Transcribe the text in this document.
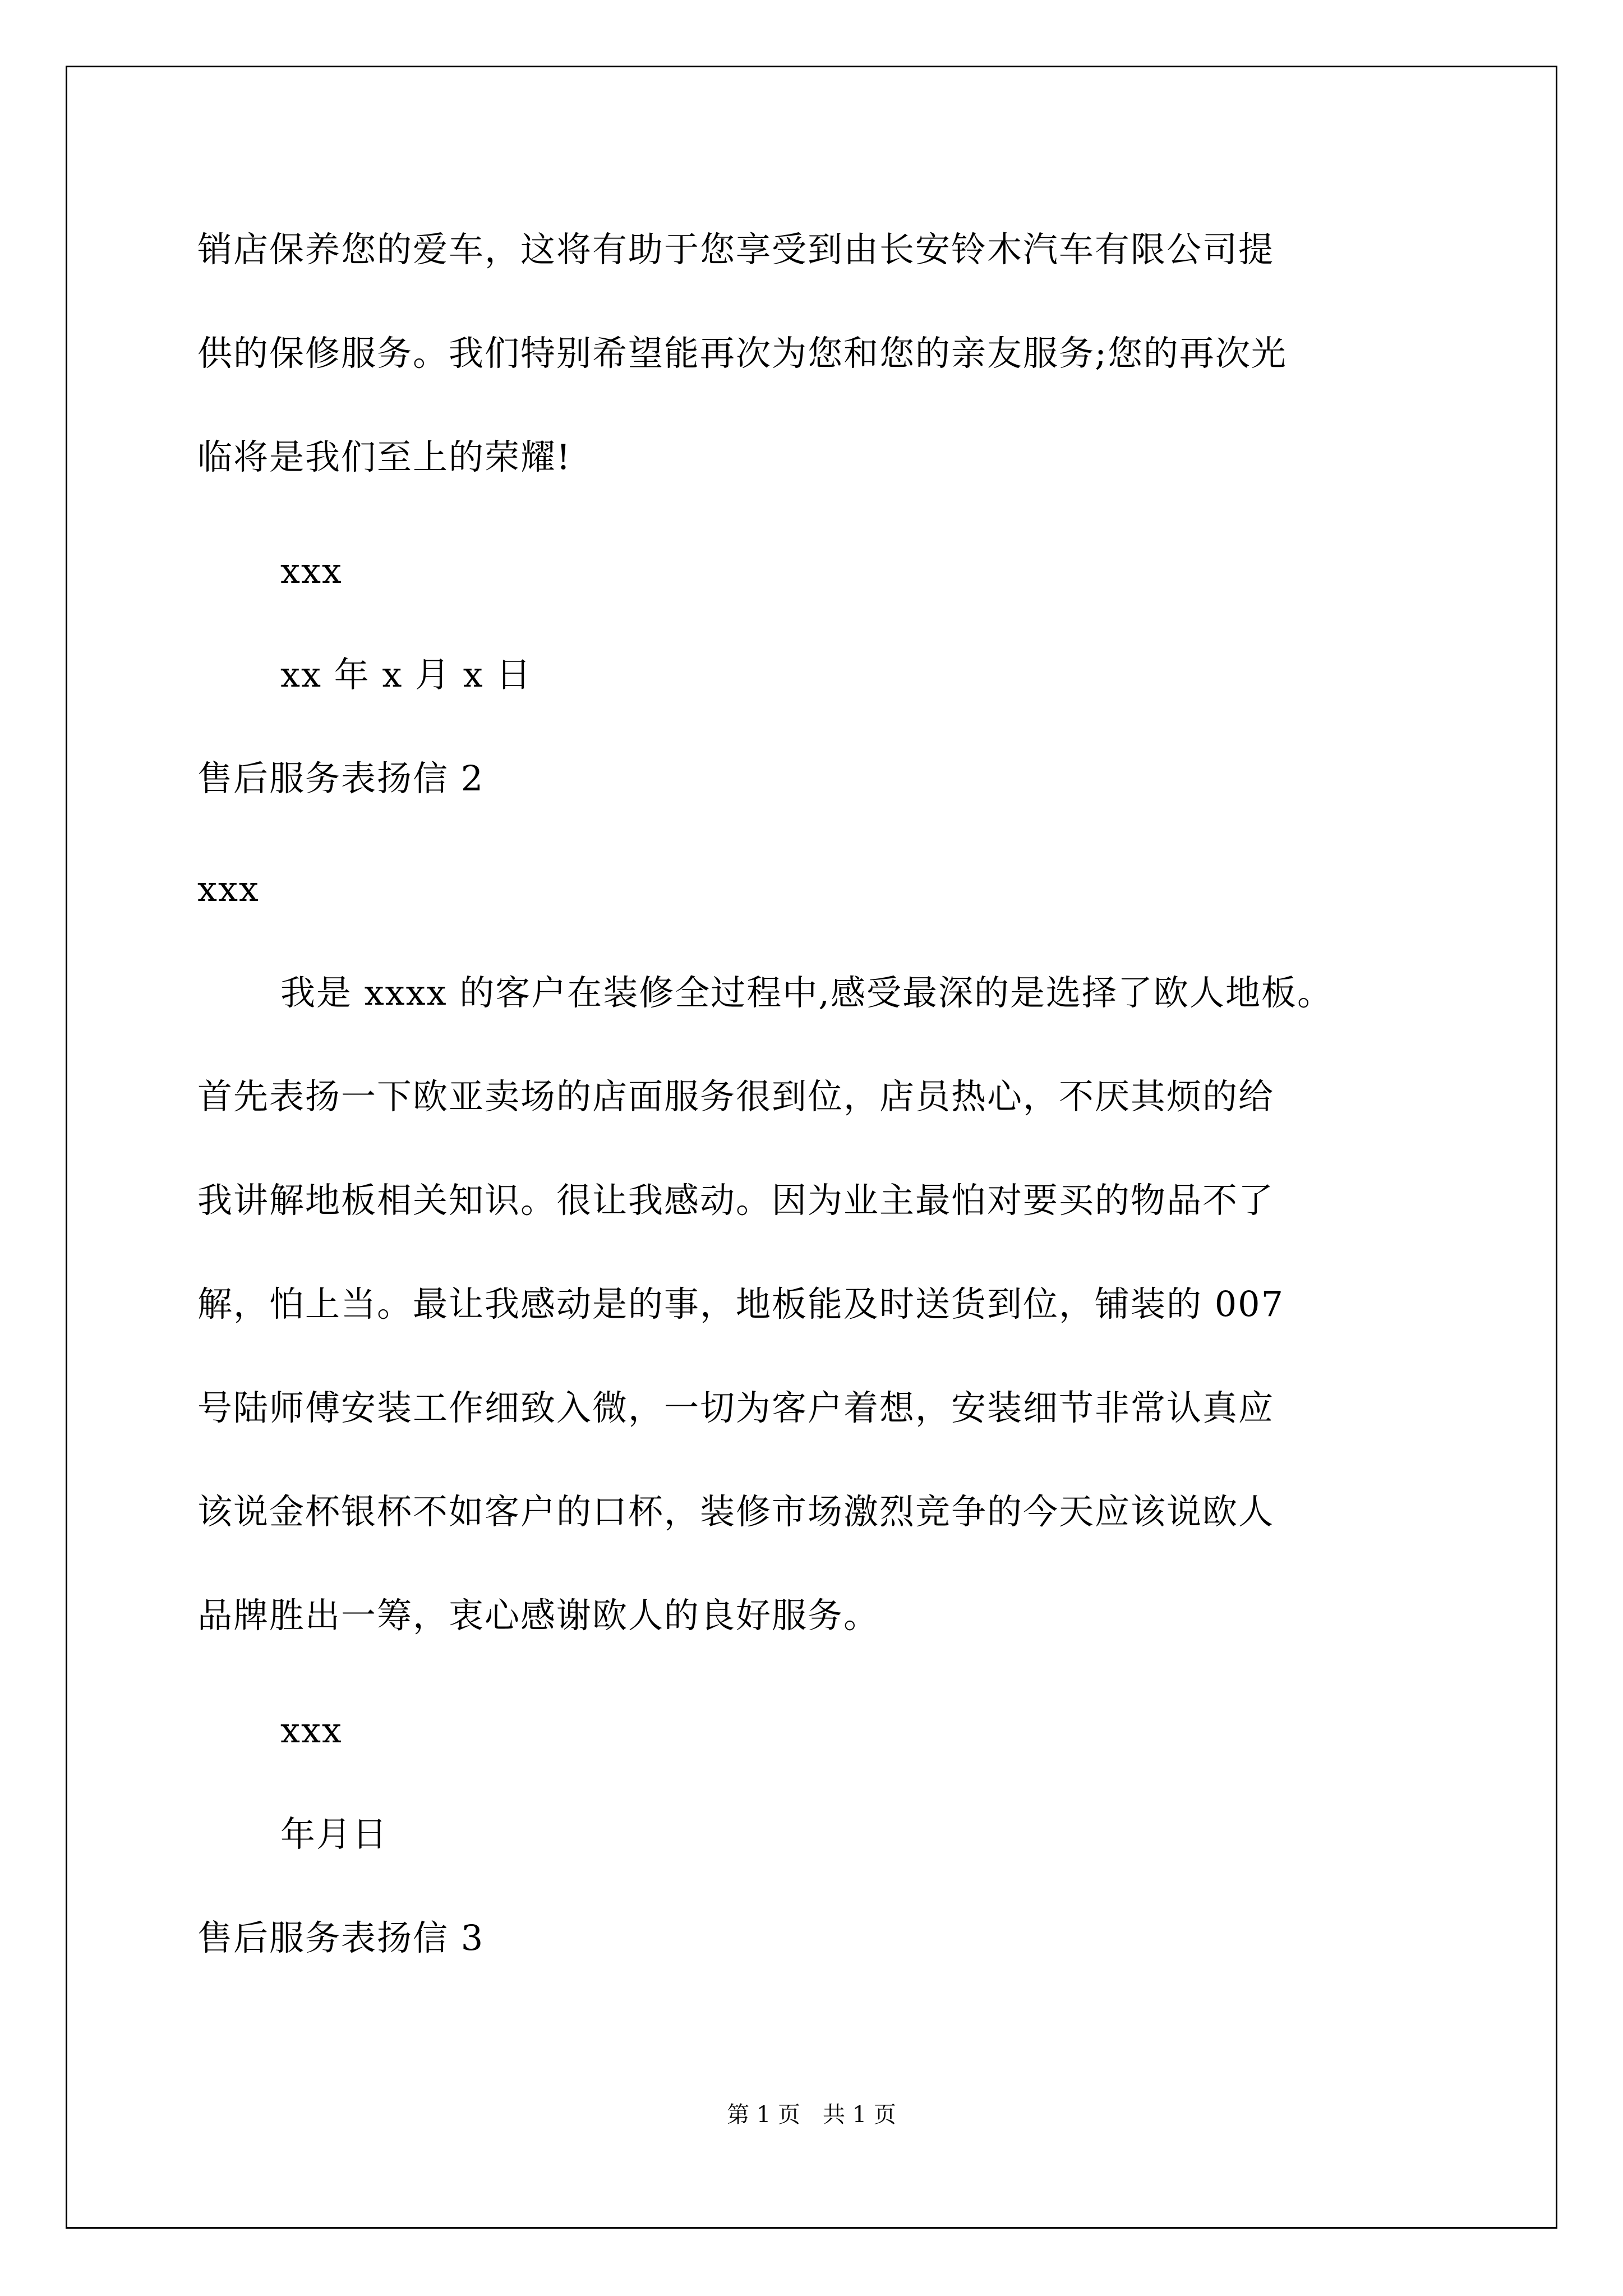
销店保养您的爱车，这将有助于您享受到由长安铃木汽车有限公司提
供的保修服务。我们特别希望能再次为您和您的亲友服务;您的再次光
临将是我们至上的荣耀!
xxx
xx 年 x 月 x 日
售后服务表扬信 2
xxx
我是 xxxx 的客户在装修全过程中,感受最深的是选择了欧人地板。
首先表扬一下欧亚卖场的店面服务很到位，店员热心，不厌其烦的给
我讲解地板相关知识。很让我感动。因为业主最怕对要买的物品不了
解，怕上当。最让我感动是的事，地板能及时送货到位，铺装的 007
号陆师傅安装工作细致入微，一切为客户着想，安装细节非常认真应
该说金杯银杯不如客户的口杯，装修市场激烈竞争的今天应该说欧人
品牌胜出一筹，衷心感谢欧人的良好服务。
xxx
年月日
售后服务表扬信 3
第 1 页　共 1 页
